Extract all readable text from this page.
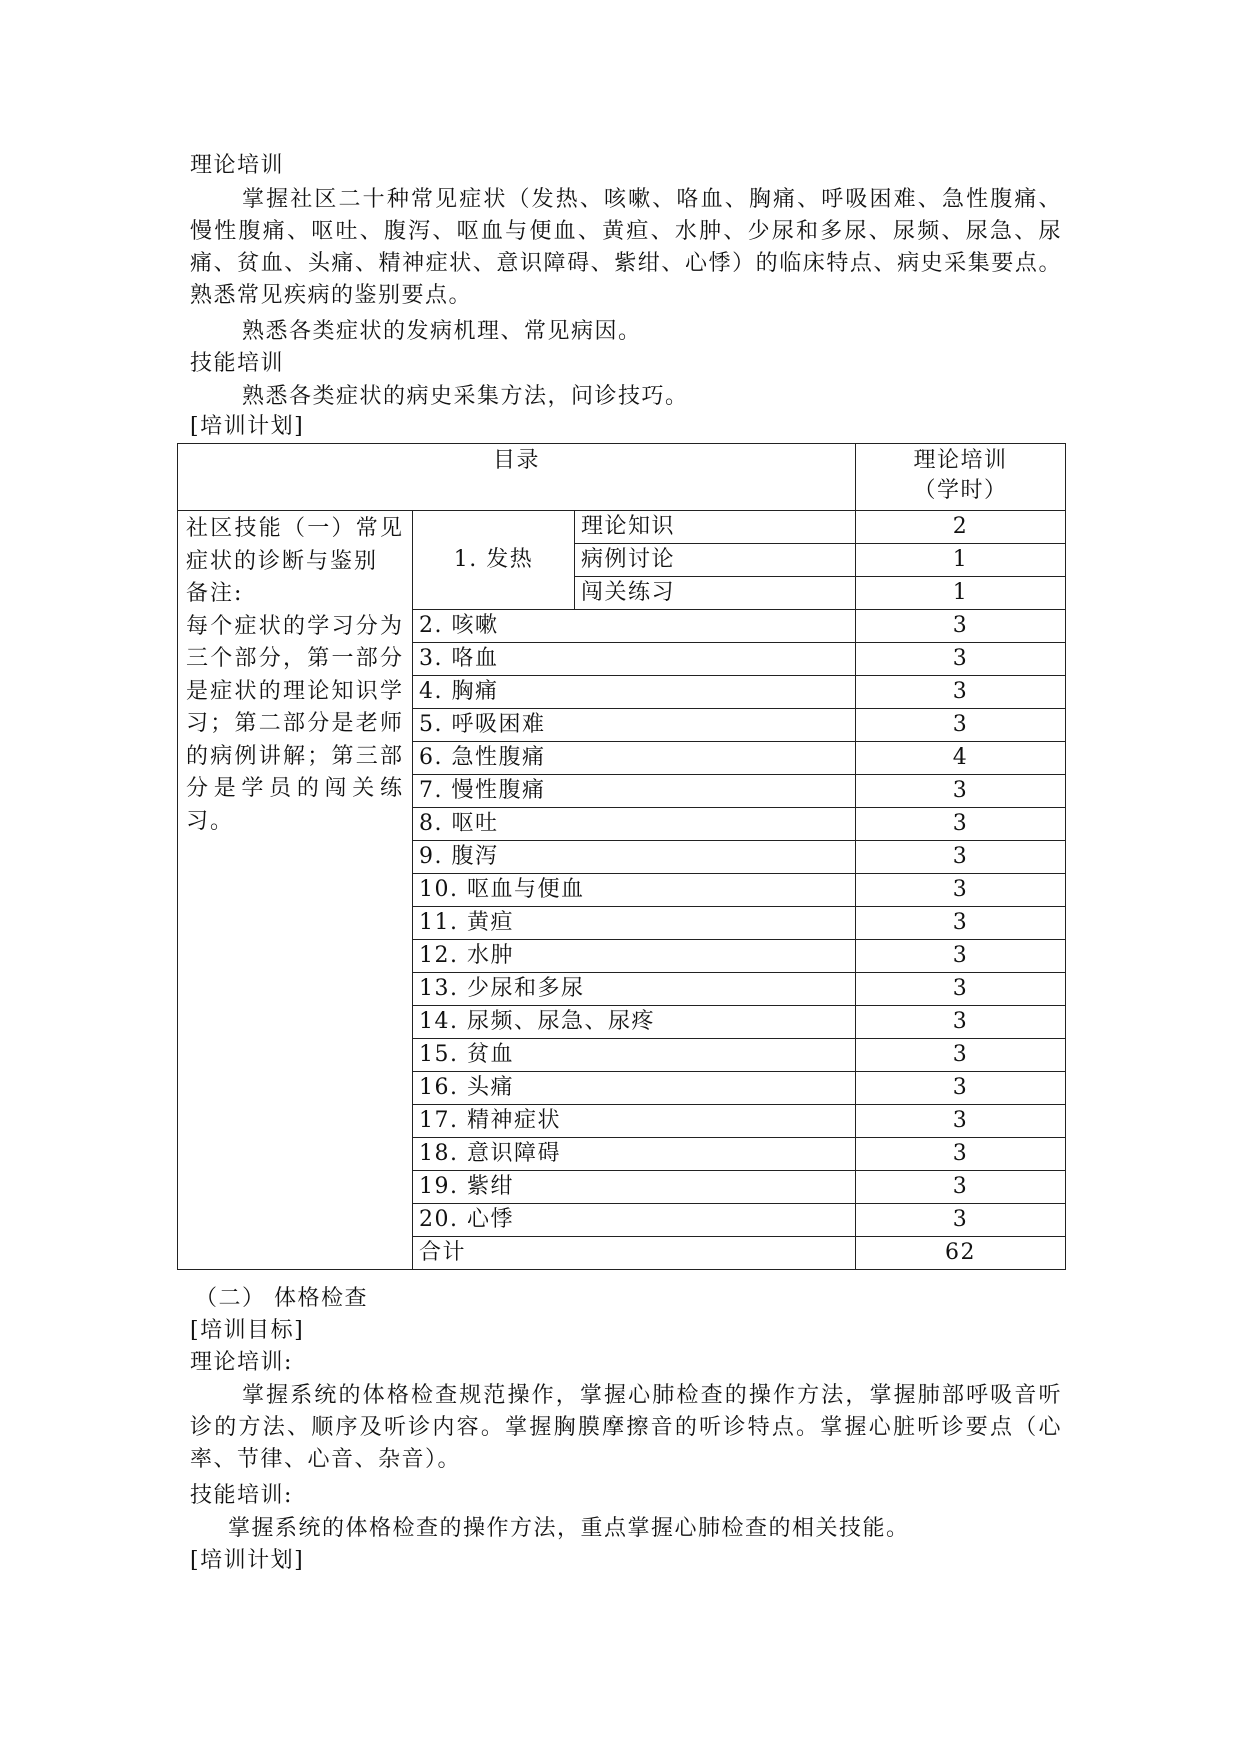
理论培训
掌握社区二十种常见症状（发热、咳嗽、咯血、胸痛、呼吸困难、急性腹痛、慢性腹痛、呕吐、腹泻、呕血与便血、黄疸、水肿、少尿和多尿、尿频、尿急、尿痛、贫血、头痛、精神症状、意识障碍、紫绀、心悸）的临床特点、病史采集要点。熟悉常见疾病的鉴别要点。
熟悉各类症状的发病机理、常见病因。
技能培训
熟悉各类症状的病史采集方法，问诊技巧。
[培训计划]
目录			理论培训
（学时）

社区技能（一）常见症状的诊断与鉴别
备注:
每个症状的学习分为三个部分，第一部分是症状的理论知识学习；第二部分是老师的病例讲解；第三部分是学员的闯关练习。	1. 发热	理论知识	2
		病例讨论	1
		闯关练习	1
	2. 咳嗽		3
	3. 咯血		3
	4. 胸痛		3
	5. 呼吸困难		3
	6. 急性腹痛		4
	7. 慢性腹痛		3
	8. 呕吐		3
	9. 腹泻		3
	10. 呕血与便血		3
	11. 黄疸		3
	12. 水肿		3
	13. 少尿和多尿		3
	14. 尿频、尿急、尿疼		3
	15. 贫血		3
	16. 头痛		3
	17. 精神症状		3
	18. 意识障碍		3
	19. 紫绀		3
	20. 心悸		3
	合计		62
（二） 体格检查
[培训目标]
理论培训:
掌握系统的体格检查规范操作，掌握心肺检查的操作方法，掌握肺部呼吸音听诊的方法、顺序及听诊内容。掌握胸膜摩擦音的听诊特点。掌握心脏听诊要点（心率、节律、心音、杂音）。
技能培训:
掌握系统的体格检查的操作方法，重点掌握心肺检查的相关技能。
[培训计划]
